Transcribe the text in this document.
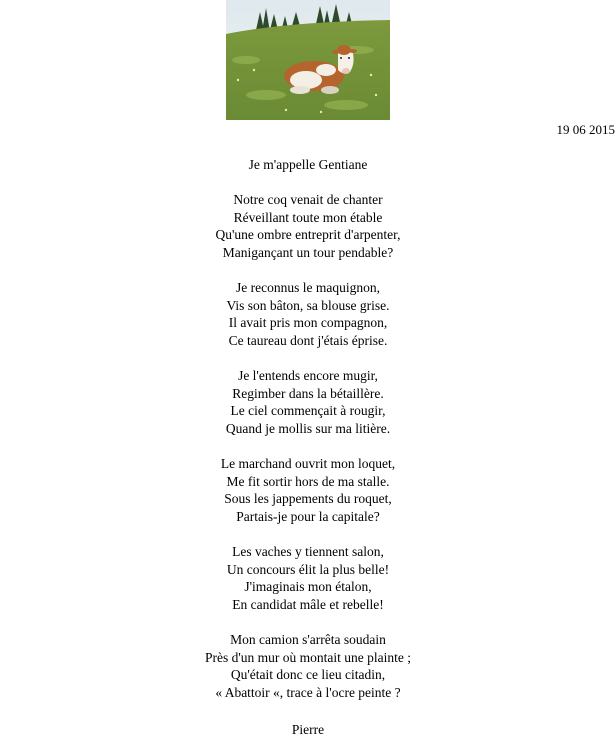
19 06 2015
Je m'appelle Gentiane
Notre coq venait de chanter
Réveillant toute mon étable
Qu'une ombre entreprit d'arpenter,
Manigançant un tour pendable?
Je reconnus le maquignon,
Vis son bâton, sa blouse grise.
Il avait pris mon compagnon,
Ce taureau dont j'étais éprise.
Je l'entends encore mugir,
Regimber dans la bétaillère.
Le ciel commençait à rougir,
Quand je mollis sur ma litière.
Le marchand ouvrit mon loquet,
Me fit sortir hors de ma stalle.
Sous les jappements du roquet,
Partais-je pour la capitale?
Les vaches y tiennent salon,
Un concours élit la plus belle!
J'imaginais mon étalon,
En candidat mâle et rebelle!
Mon camion s'arrêta soudain
Près d'un mur où montait une plainte ;
Qu'était donc ce lieu citadin,
« Abattoir «, trace à l'ocre peinte ?
Pierre
